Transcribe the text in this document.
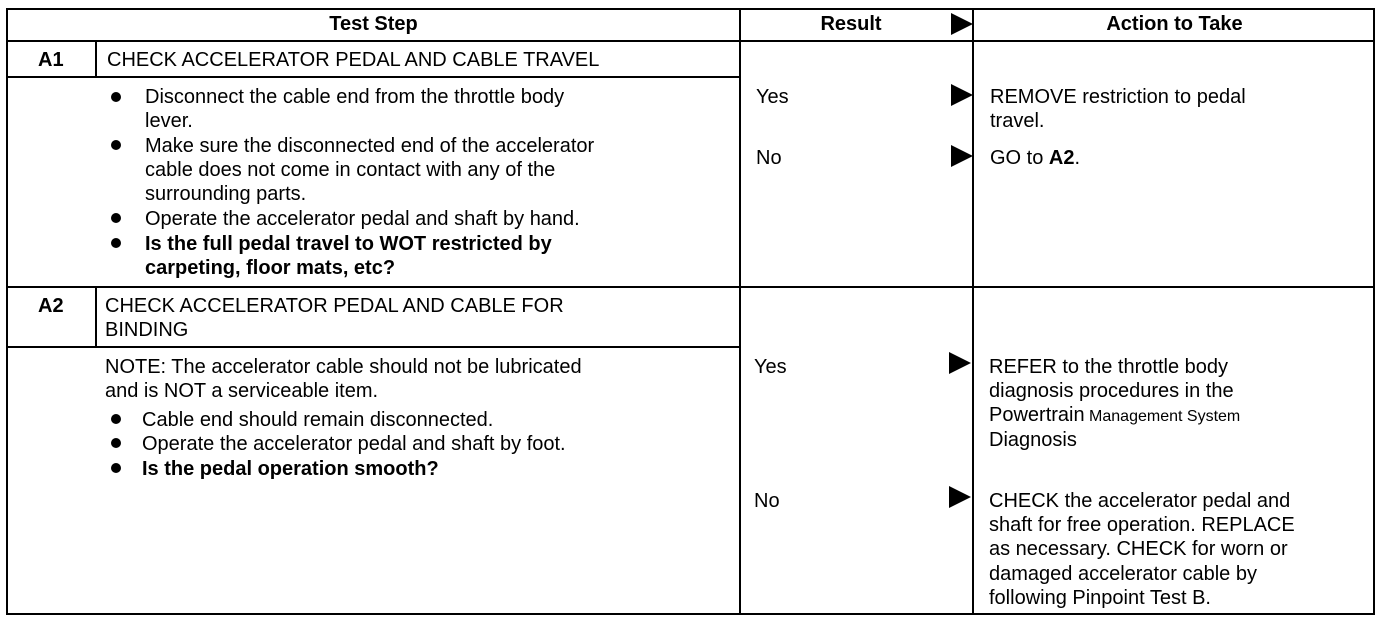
Test Step	Result	Action to Take
A1 CHECK ACCELERATOR PEDAL AND CABLE TRAVEL
Disconnect the cable end from the throttle body
lever.
Make sure the disconnected end of the accelerator
cable does not come in contact with any of the
surrounding parts.
Operate the accelerator pedal and shaft by hand.
Is the full pedal travel to WOT restricted by
carpeting, floor mats, etc?
Yes	REMOVE restriction to pedal
travel.
No	GO to A2.
A2 CHECK ACCELERATOR PEDAL AND CABLE FOR
BINDING
NOTE: The accelerator cable should not be lubricated
and is NOT a serviceable item.
Cable end should remain disconnected.
Operate the accelerator pedal and shaft by foot.
Is the pedal operation smooth?
Yes	REFER to the throttle body
diagnosis procedures in the
Powertrain Management System
Diagnosis
No	CHECK the accelerator pedal and
shaft for free operation. REPLACE
as necessary. CHECK for worn or
damaged accelerator cable by
following Pinpoint Test B.
